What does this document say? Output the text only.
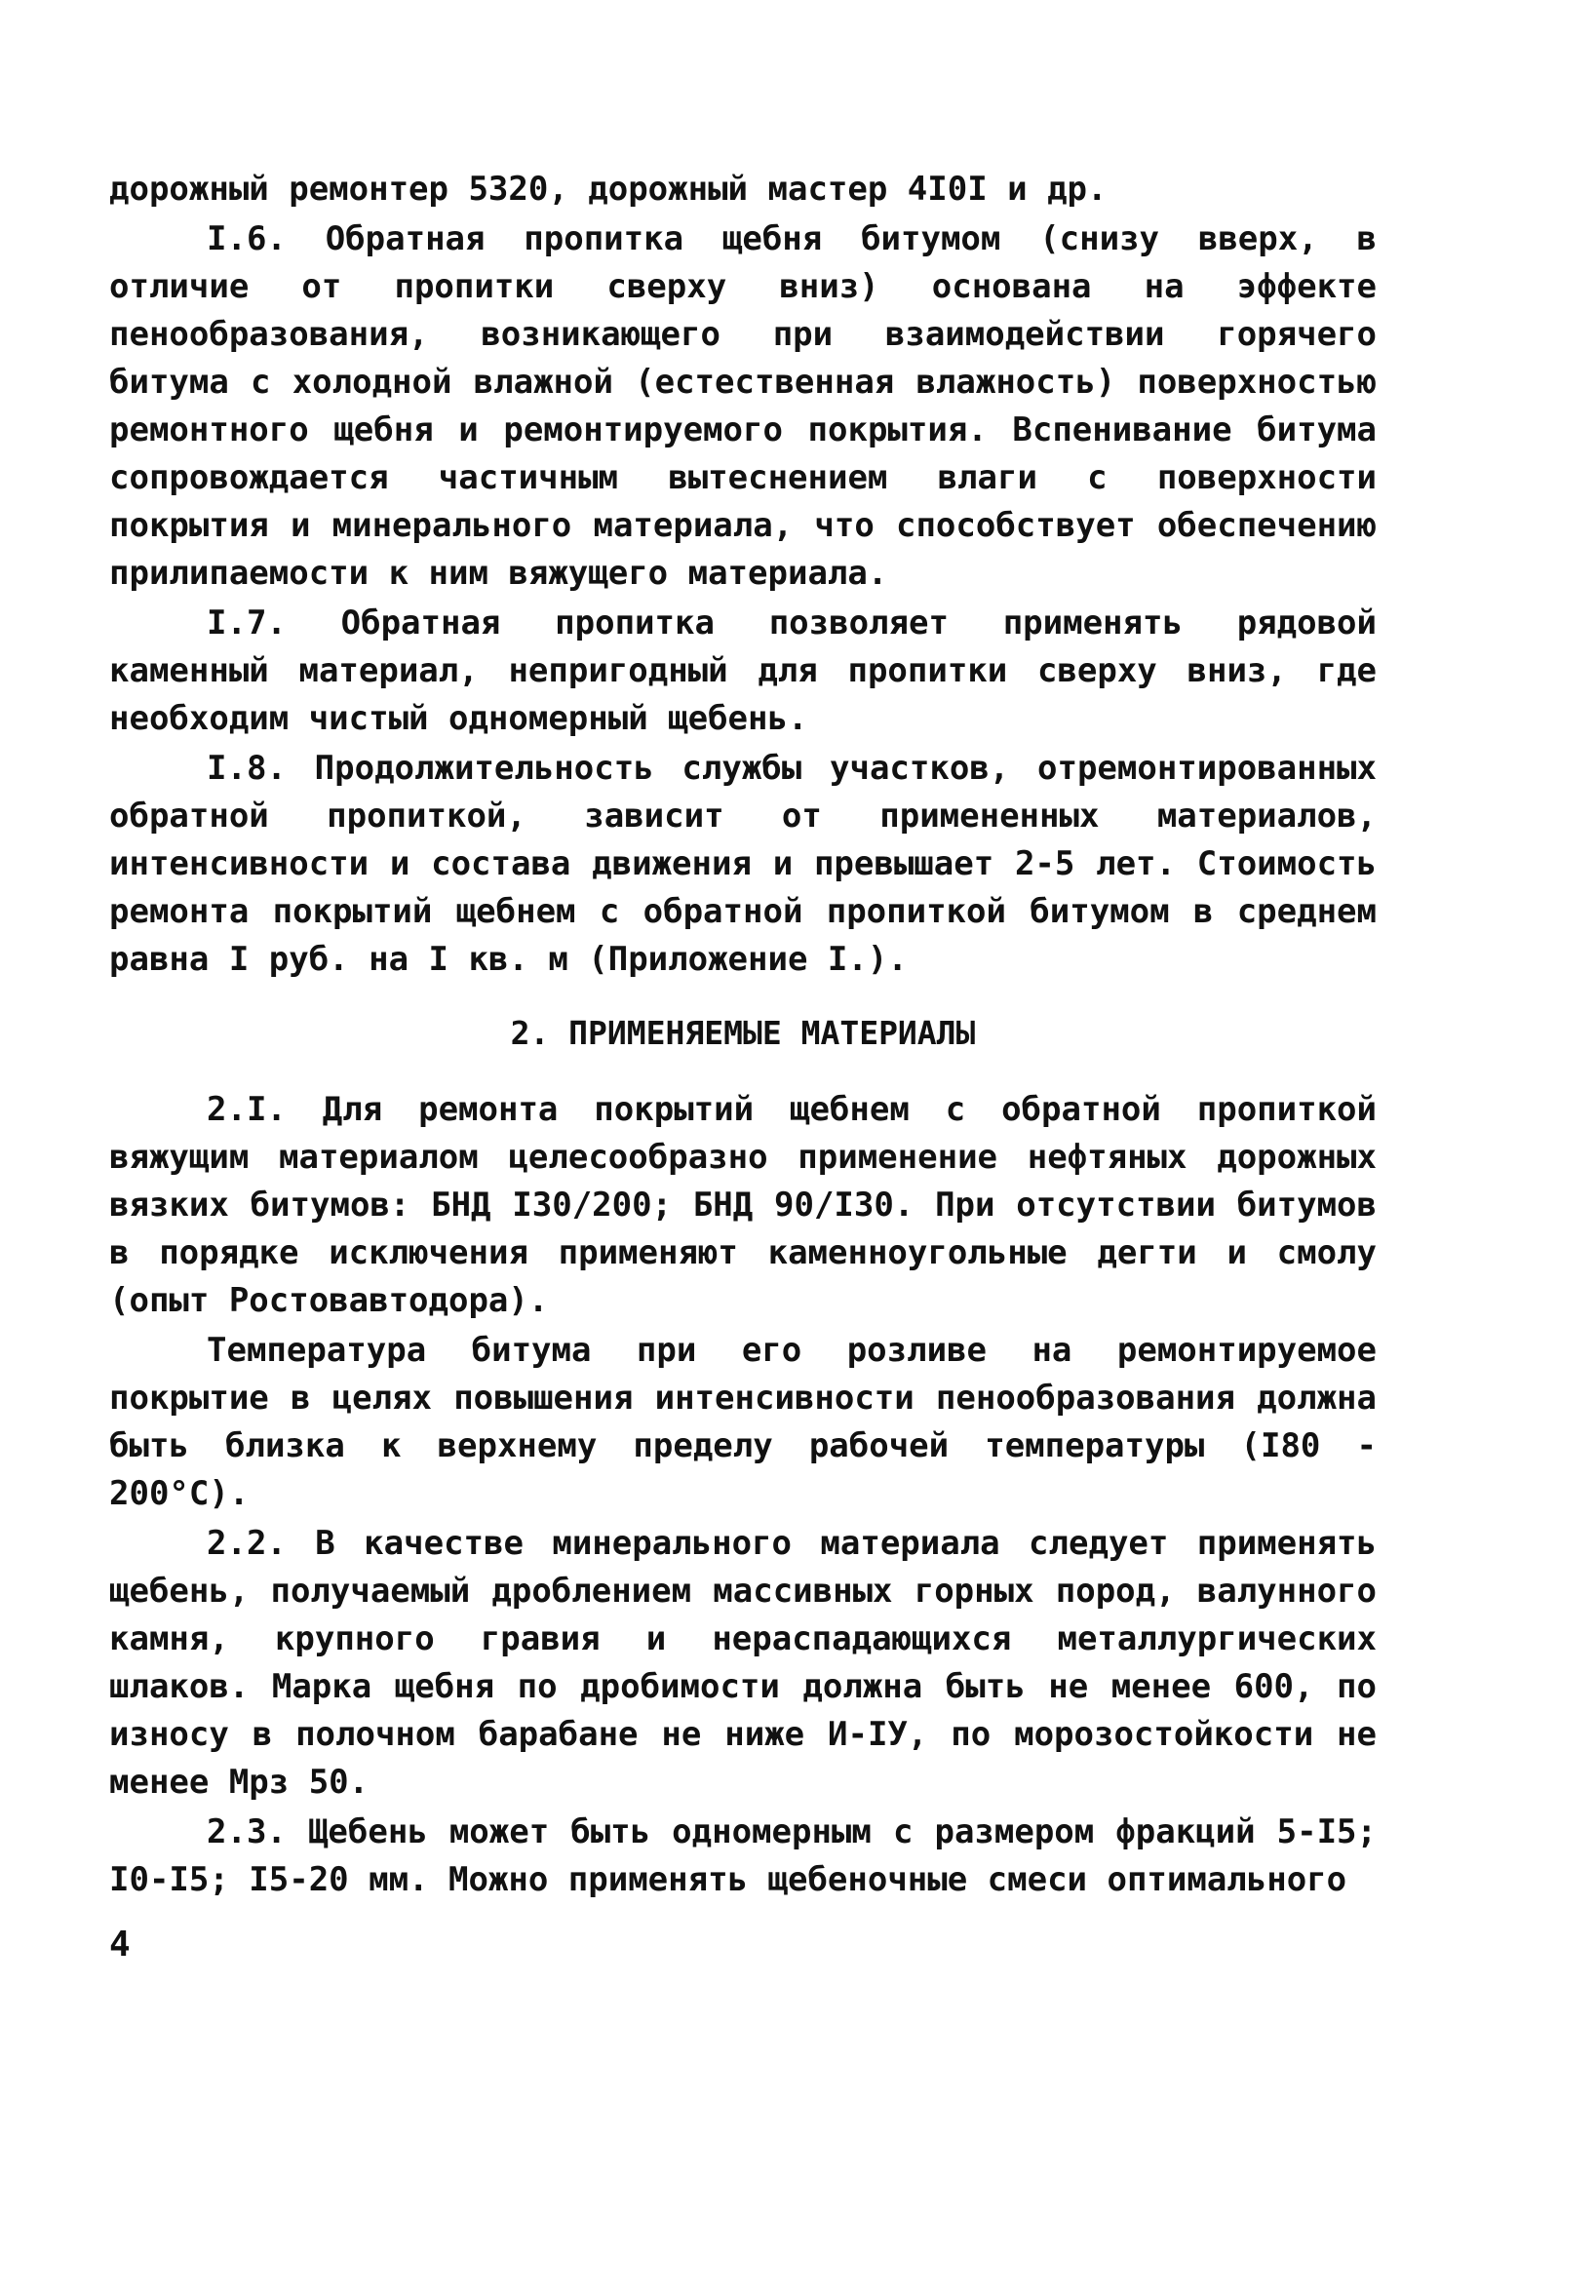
дорожный ремонтер 5320, дорожный мастер 4I0I и др.

I.6. Обратная пропитка щебня битумом (снизу вверх, в отличие от пропитки сверху вниз) основана на эффекте пенообразования, возникающего при взаимодействии горячего битума с холодной влажной (естественная влажность) поверхностью ремонтного щебня и ремонтируемого покрытия. Вспенивание битума сопровождается частичным вытеснением влаги с поверхности покрытия и минерального материала, что способствует обеспечению прилипаемости к ним вяжущего материала.

I.7. Обратная пропитка позволяет применять рядовой каменный материал, непригодный для пропитки сверху вниз, где необходим чистый одномерный щебень.

I.8. Продолжительность службы участков, отремонтированных обратной пропиткой, зависит от примененных материалов, интенсивности и состава движения и превышает 2-5 лет. Стоимость ремонта покрытий щебнем с обратной пропиткой битумом в среднем равна I руб. на I кв. м (Приложение I.).

2. ПРИМЕНЯЕМЫЕ МАТЕРИАЛЫ

2.I. Для ремонта покрытий щебнем с обратной пропиткой вяжущим материалом целесообразно применение нефтяных дорожных вязких битумов: БНД I30/200; БНД 90/I30. При отсутствии битумов в порядке исключения применяют каменноугольные дегти и смолу (опыт Ростовавтодора).

Температура битума при его розливе на ремонтируемое покрытие в целях повышения интенсивности пенообразования должна быть близка к верхнему пределу рабочей температуры (I80 - 200°C).

2.2. В качестве минерального материала следует применять щебень, получаемый дроблением массивных горных пород, валунного камня, крупного гравия и нераспадающихся металлургических шлаков. Марка щебня по дробимости должна быть не менее 600, по износу в полочном барабане не ниже И-IУ, по морозостойкости не менее Мрз 50.

2.3. Щебень может быть одномерным с размером фракций 5-I5; I0-I5; I5-20 мм. Можно применять щебеночные смеси оптимального

4
